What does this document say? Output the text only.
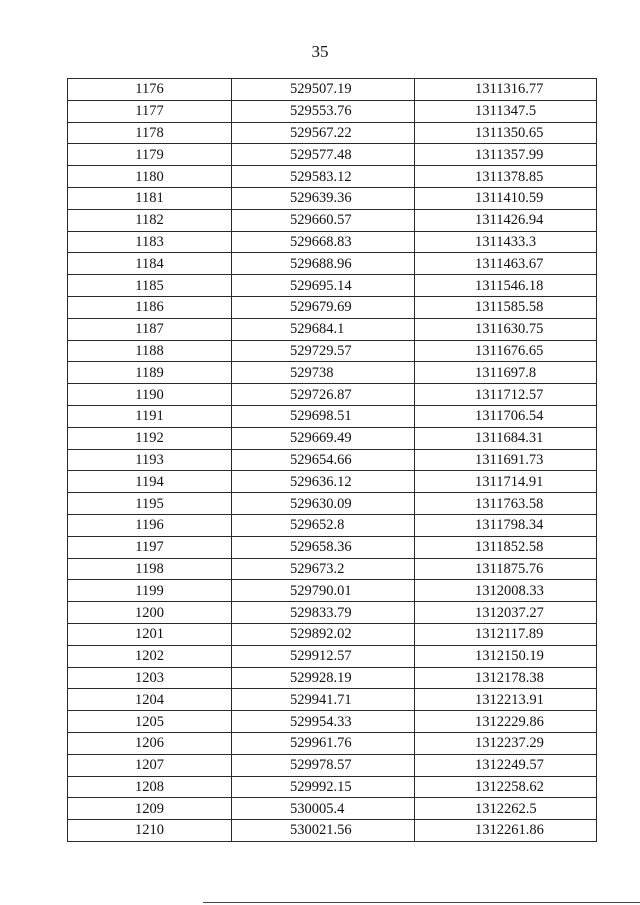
35
1176	529507.19	1311316.77
1177	529553.76	1311347.5
1178	529567.22	1311350.65
1179	529577.48	1311357.99
1180	529583.12	1311378.85
1181	529639.36	1311410.59
1182	529660.57	1311426.94
1183	529668.83	1311433.3
1184	529688.96	1311463.67
1185	529695.14	1311546.18
1186	529679.69	1311585.58
1187	529684.1	1311630.75
1188	529729.57	1311676.65
1189	529738	1311697.8
1190	529726.87	1311712.57
1191	529698.51	1311706.54
1192	529669.49	1311684.31
1193	529654.66	1311691.73
1194	529636.12	1311714.91
1195	529630.09	1311763.58
1196	529652.8	1311798.34
1197	529658.36	1311852.58
1198	529673.2	1311875.76
1199	529790.01	1312008.33
1200	529833.79	1312037.27
1201	529892.02	1312117.89
1202	529912.57	1312150.19
1203	529928.19	1312178.38
1204	529941.71	1312213.91
1205	529954.33	1312229.86
1206	529961.76	1312237.29
1207	529978.57	1312249.57
1208	529992.15	1312258.62
1209	530005.4	1312262.5
1210	530021.56	1312261.86
